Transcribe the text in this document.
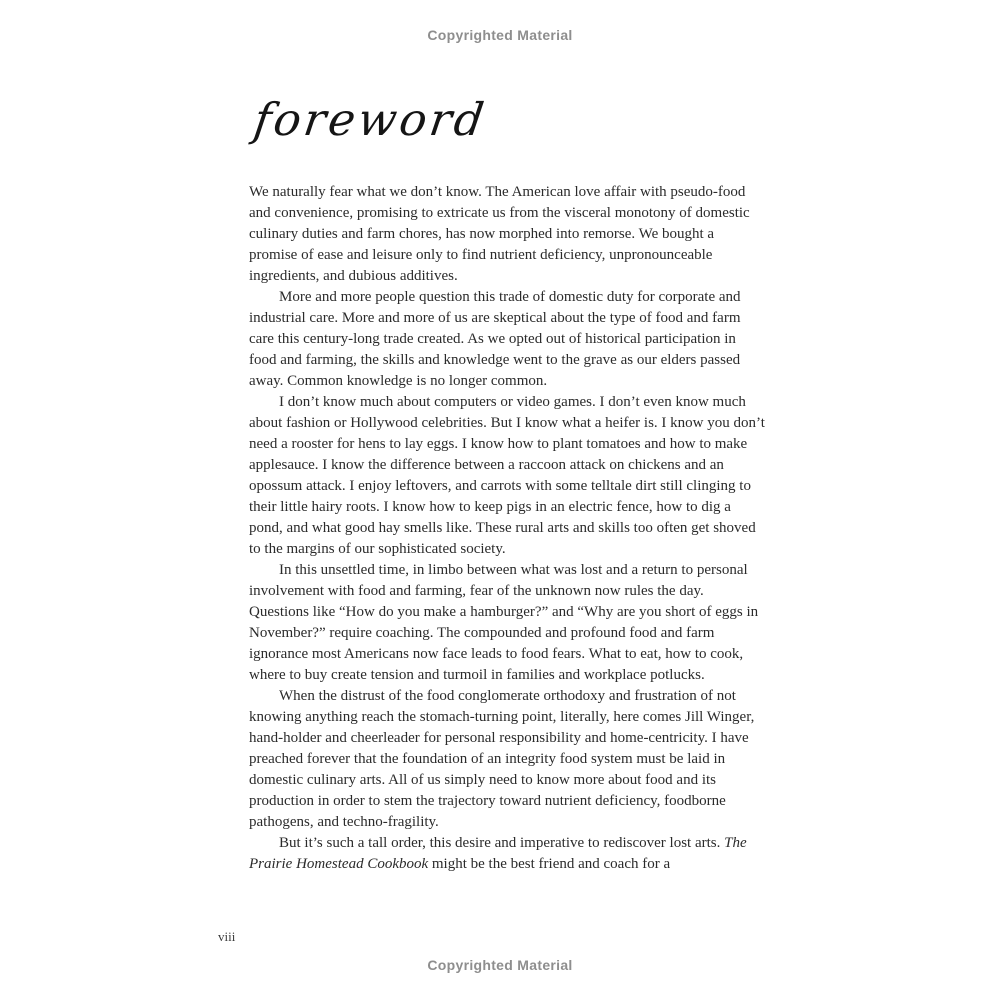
Copyrighted Material
foreword

We naturally fear what we don’t know. The American love affair with pseudo-food and convenience, promising to extricate us from the visceral monotony of domestic culinary duties and farm chores, has now morphed into remorse. We bought a promise of ease and leisure only to find nutrient deficiency, unpronounceable ingredients, and dubious additives.

More and more people question this trade of domestic duty for corporate and industrial care. More and more of us are skeptical about the type of food and farm care this century-long trade created. As we opted out of historical participation in food and farming, the skills and knowledge went to the grave as our elders passed away. Common knowledge is no longer common.

I don’t know much about computers or video games. I don’t even know much about fashion or Hollywood celebrities. But I know what a heifer is. I know you don’t need a rooster for hens to lay eggs. I know how to plant tomatoes and how to make applesauce. I know the difference between a raccoon attack on chickens and an opossum attack. I enjoy leftovers, and carrots with some telltale dirt still clinging to their little hairy roots. I know how to keep pigs in an electric fence, how to dig a pond, and what good hay smells like. These rural arts and skills too often get shoved to the margins of our sophisticated society.

In this unsettled time, in limbo between what was lost and a return to personal involvement with food and farming, fear of the unknown now rules the day. Questions like “How do you make a hamburger?” and “Why are you short of eggs in November?” require coaching. The compounded and profound food and farm ignorance most Americans now face leads to food fears. What to eat, how to cook, where to buy create tension and turmoil in families and workplace potlucks.

When the distrust of the food conglomerate orthodoxy and frustration of not knowing anything reach the stomach-turning point, literally, here comes Jill Winger, hand-holder and cheerleader for personal responsibility and home-centricity. I have preached forever that the foundation of an integrity food system must be laid in domestic culinary arts. All of us simply need to know more about food and its production in order to stem the trajectory toward nutrient deficiency, foodborne pathogens, and techno-fragility.

But it’s such a tall order, this desire and imperative to rediscover lost arts. The Prairie Homestead Cookbook might be the best friend and coach for a

viii
Copyrighted Material
